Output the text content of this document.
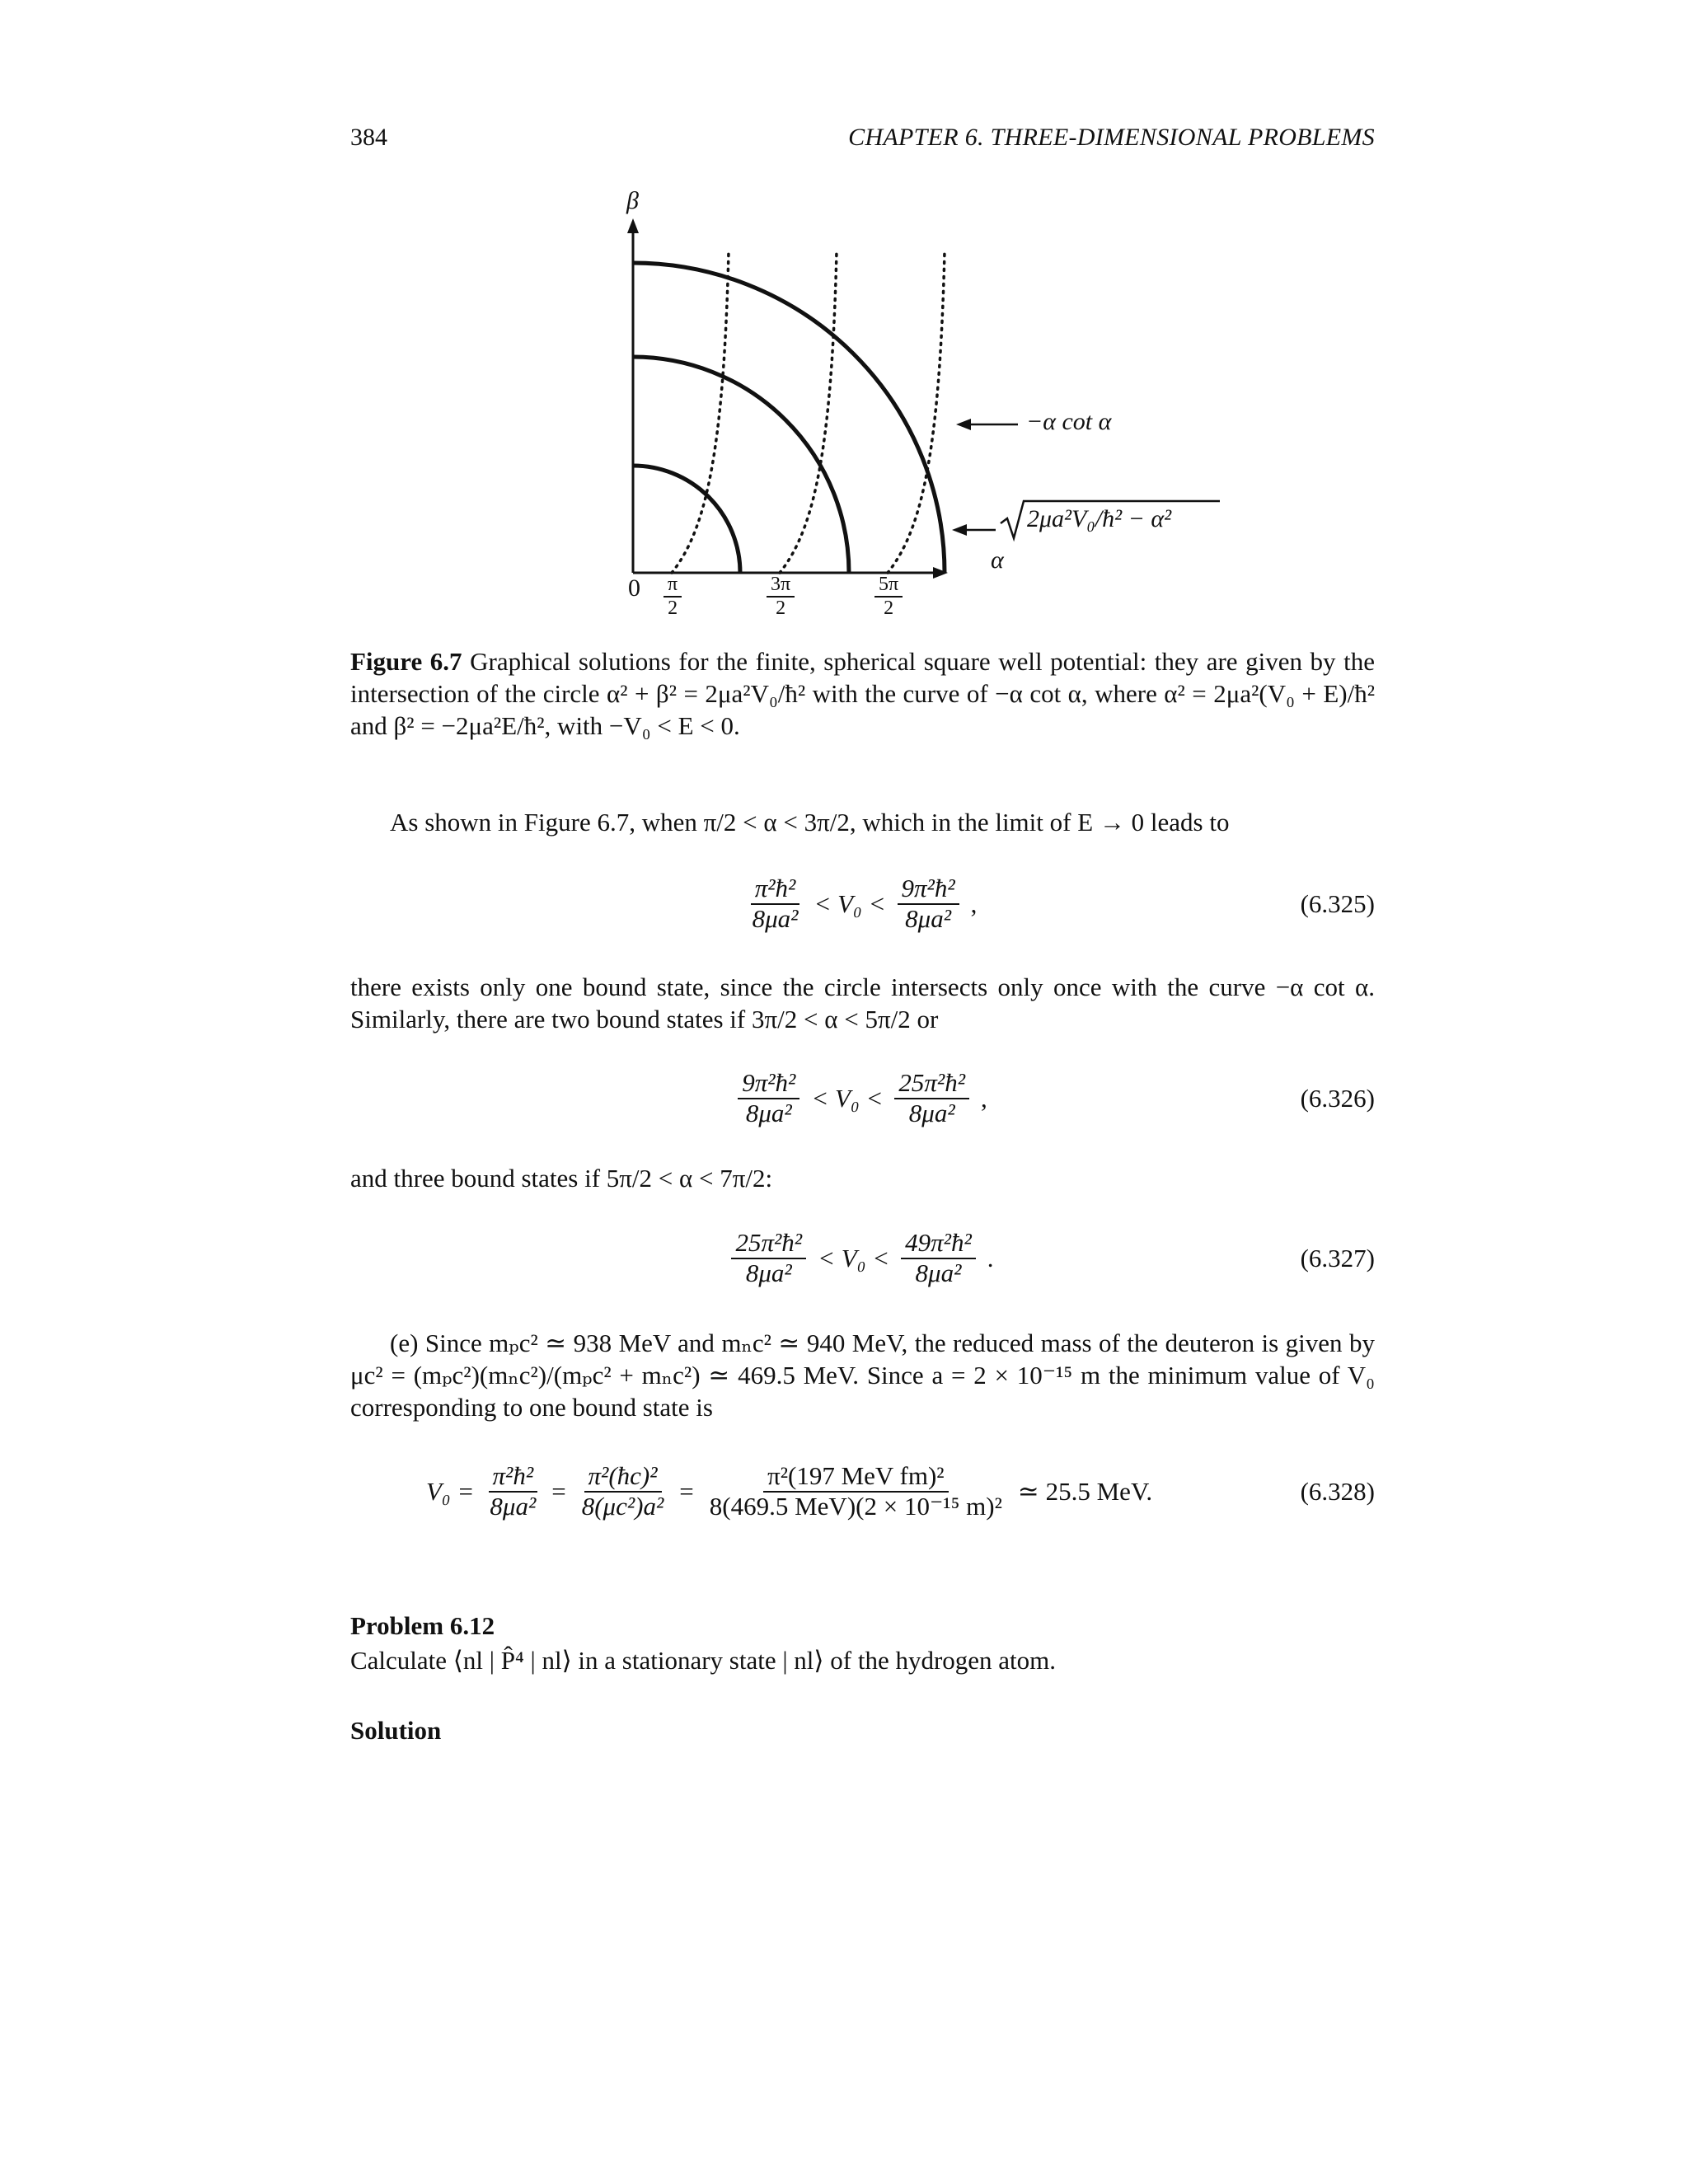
384	CHAPTER 6. THREE-DIMENSIONAL PROBLEMS
β
α
$0 \frac{\pi}{2}$	$\frac{3\pi}{2}$	$\frac{5\pi}{2}$
−α cot α
2μa²V₀/ħ² − α²
Figure 6.7 Graphical solutions for the finite, spherical square well potential: they are given by the intersection of the circle α² + β² = 2μa²V₀/ħ² with the curve of −α cot α, where α² = 2μa²(V₀ + E)/ħ² and β² = −2μa²E/ħ², with −V₀ < E < 0.
As shown in Figure 6.7, when π/2 < α < 3π/2, which in the limit of E → 0 leads to
$\frac{\text{π²ħ²}}{\text{8μa²}} < V_0 < \frac{\text{9π²ħ²}}{\text{8μa²}}$ ,	(6.325)
there exists only one bound state, since the circle intersects only once with the curve −α cot α. Similarly, there are two bound states if 3π/2 < α < 5π/2 or
$\frac{\text{9π²ħ²}}{\text{8μa²}} < V_0 < \frac{\text{25π²ħ²}}{\text{8μa²}}$ ,	(6.326)
and three bound states if 5π/2 < α < 7π/2:
$\frac{\text{25π²ħ²}}{\text{8μa²}} < V_0 < \frac{\text{49π²ħ²}}{\text{8μa²}}$ .	(6.327)
(e) Since mₚc² ≃ 938 MeV and mₙc² ≃ 940 MeV, the reduced mass of the deuteron is given by μc² = (mₚc²)(mₙc²)/(mₚc² + mₙc²) ≃ 469.5 MeV. Since a = 2 × 10⁻¹⁵ m the minimum value of V₀ corresponding to one bound state is
$V_0 = \frac{\text{π²ħ²}}{\text{8μa²}} = \frac{\text{π²(ħc)²}}{\text{8(μc²)a²}} = \frac{\text{π²(197 MeV fm)²}}{\text{8(469.5 MeV)(2 × 10⁻¹⁵ m)²}}$ ≃ 25.5 MeV.	(6.328)
Problem 6.12
Calculate ⟨nl | P̂⁴ | nl⟩ in a stationary state | nl⟩ of the hydrogen atom.
Solution
